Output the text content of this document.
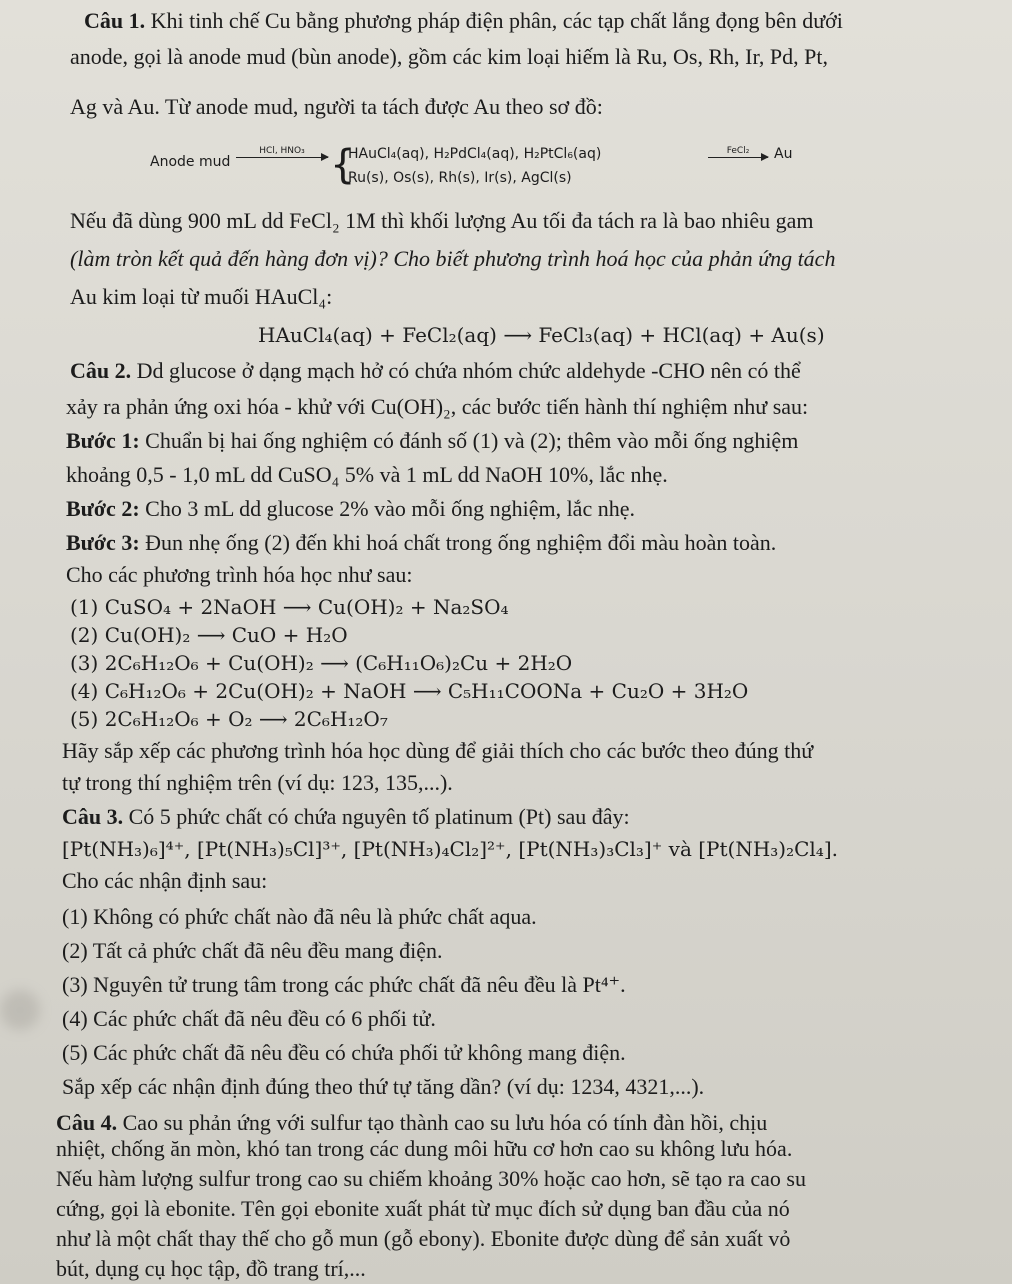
Câu 1. Khi tinh chế Cu bằng phương pháp điện phân, các tạp chất lắng đọng bên dưới
anode, gọi là anode mud (bùn anode), gồm các kim loại hiếm là Ru, Os, Rh, Ir, Pd, Pt,
Ag và Au. Từ anode mud, người ta tách được Au theo sơ đồ:
Anode mud
HCl, HNO₃ {
HAuCl₄(aq), H₂PdCl₄(aq), H₂PtCl₆(aq)
Ru(s), Os(s), Rh(s), Ir(s), AgCl(s)
FeCl₂	Au
Nếu đã dùng 900 mL dd FeCl₂ 1M thì khối lượng Au tối đa tách ra là bao nhiêu gam
(làm tròn kết quả đến hàng đơn vị)? Cho biết phương trình hoá học của phản ứng tách
Au kim loại từ muối HAuCl₄:
HAuCl₄(aq) + FeCl₂(aq) ⟶ FeCl₃(aq) + HCl(aq) + Au(s)
Câu 2. Dd glucose ở dạng mạch hở có chứa nhóm chức aldehyde -CHO nên có thể
xảy ra phản ứng oxi hóa - khử với Cu(OH)₂, các bước tiến hành thí nghiệm như sau:
Bước 1: Chuẩn bị hai ống nghiệm có đánh số (1) và (2); thêm vào mỗi ống nghiệm
khoảng 0,5 - 1,0 mL dd CuSO₄ 5% và 1 mL dd NaOH 10%, lắc nhẹ.
Bước 2: Cho 3 mL dd glucose 2% vào mỗi ống nghiệm, lắc nhẹ.
Bước 3: Đun nhẹ ống (2) đến khi hoá chất trong ống nghiệm đổi màu hoàn toàn.
Cho các phương trình hóa học như sau:
(1) CuSO₄ + 2NaOH ⟶ Cu(OH)₂ + Na₂SO₄
(2) Cu(OH)₂ ⟶ CuO + H₂O
(3) 2C₆H₁₂O₆ + Cu(OH)₂ ⟶ (C₆H₁₁O₆)₂Cu + 2H₂O
(4) C₆H₁₂O₆ + 2Cu(OH)₂ + NaOH ⟶ C₅H₁₁COONa + Cu₂O + 3H₂O
(5) 2C₆H₁₂O₆ + O₂ ⟶ 2C₆H₁₂O₇
Hãy sắp xếp các phương trình hóa học dùng để giải thích cho các bước theo đúng thứ
tự trong thí nghiệm trên (ví dụ: 123, 135,...).
Câu 3. Có 5 phức chất có chứa nguyên tố platinum (Pt) sau đây:
[Pt(NH₃)₆]⁴⁺, [Pt(NH₃)₅Cl]³⁺, [Pt(NH₃)₄Cl₂]²⁺, [Pt(NH₃)₃Cl₃]⁺ và [Pt(NH₃)₂Cl₄].
Cho các nhận định sau:
(1) Không có phức chất nào đã nêu là phức chất aqua.
(2) Tất cả phức chất đã nêu đều mang điện.
(3) Nguyên tử trung tâm trong các phức chất đã nêu đều là Pt⁴⁺.
(4) Các phức chất đã nêu đều có 6 phối tử.
(5) Các phức chất đã nêu đều có chứa phối tử không mang điện.
Sắp xếp các nhận định đúng theo thứ tự tăng dần? (ví dụ: 1234, 4321,...).
Câu 4. Cao su phản ứng với sulfur tạo thành cao su lưu hóa có tính đàn hồi, chịu
nhiệt, chống ăn mòn, khó tan trong các dung môi hữu cơ hơn cao su không lưu hóa.
Nếu hàm lượng sulfur trong cao su chiếm khoảng 30% hoặc cao hơn, sẽ tạo ra cao su
cứng, gọi là ebonite. Tên gọi ebonite xuất phát từ mục đích sử dụng ban đầu của nó
như là một chất thay thế cho gỗ mun (gỗ ebony). Ebonite được dùng để sản xuất vỏ
bút, dụng cụ học tập, đồ trang trí,...
